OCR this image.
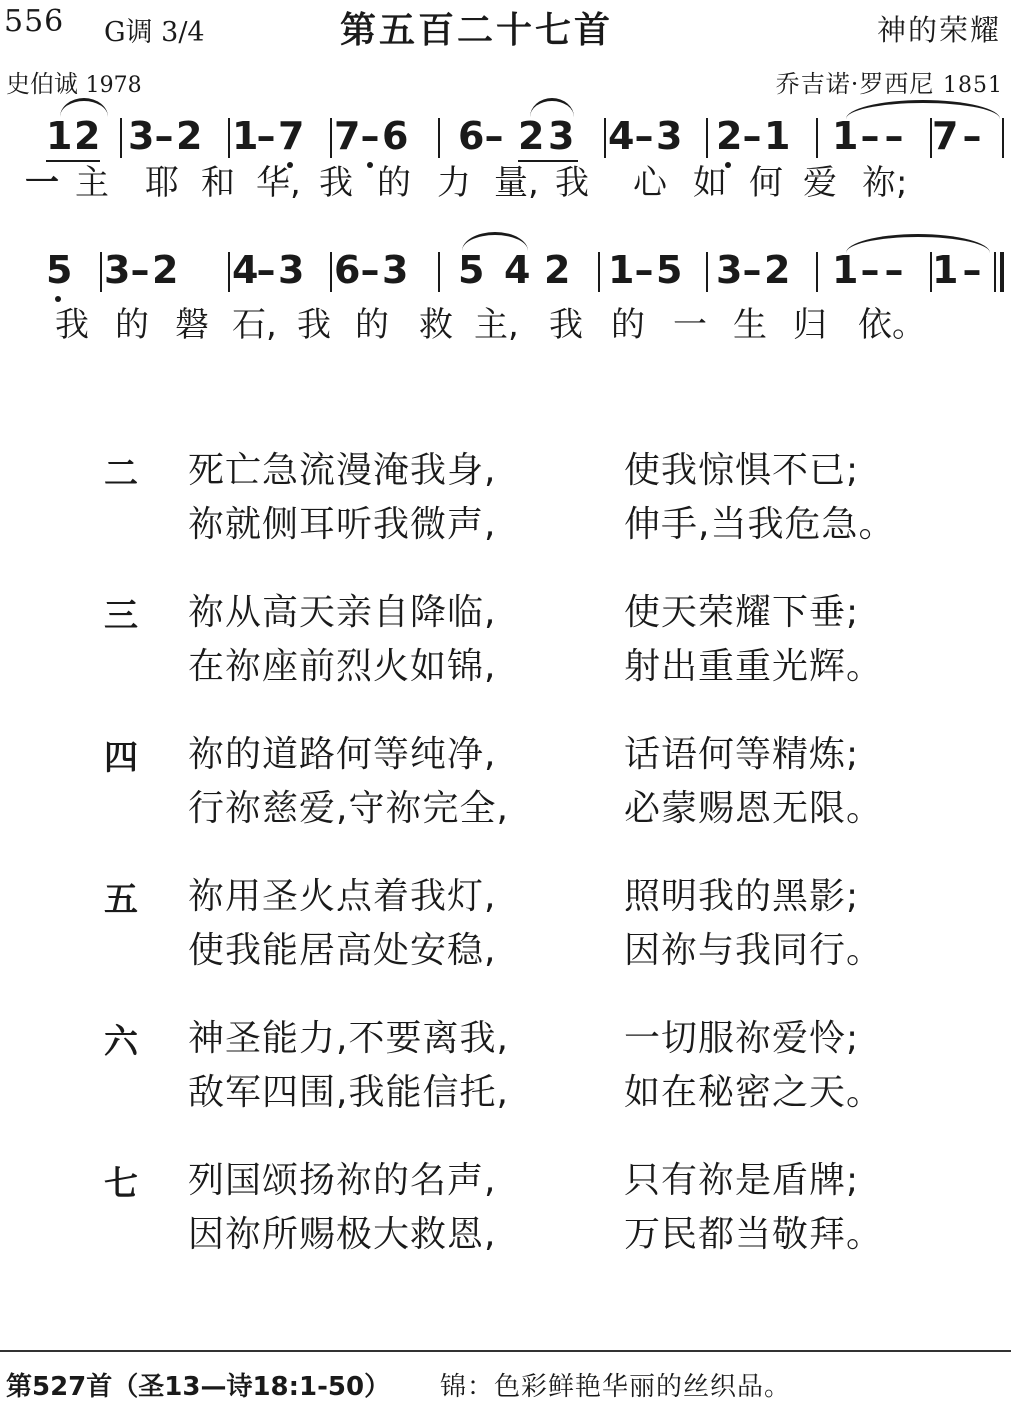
556 G调 3/4	第五百二十七首	神的荣耀
史伯诚 1978	乔吉诺·罗西尼 1851
1 2 3 – 2 1
– 7 7 – 6 6 – 2 3 4 – 3 2 – 1 1 – – 7 –
一 主 耶 和 华, 我 的 力 量, 我 心 如 何 爱 祢;
5 3 – 2 4
– 3 6 – 3 5 4 2 1 – 5 3 – 2 1 – – 1 –
我 的 磐 石, 我 的 救 主, 我 的 一 生 归 依。
二 死亡急流漫淹我身,	使我惊惧不已;
祢就侧耳听我微声,	伸手,当我危急。
三 祢从高天亲自降临,	使天荣耀下垂;
在祢座前烈火如锦,	射出重重光辉。
四 祢的道路何等纯净,	话语何等精炼;
行祢慈爱,守祢完全,	必蒙赐恩无限。
五 祢用圣火点着我灯,	照明我的黑影;
使我能居高处安稳,	因祢与我同行。
六 神圣能力,不要离我,	一切服祢爱怜;
敌军四围,我能信托,	如在秘密之天。
七 列国颂扬祢的名声,	只有祢是盾牌;
因祢所赐极大救恩,	万民都当敬拜。
第527首（圣13—诗18:1-50） 锦：色彩鲜艳华丽的丝织品。
